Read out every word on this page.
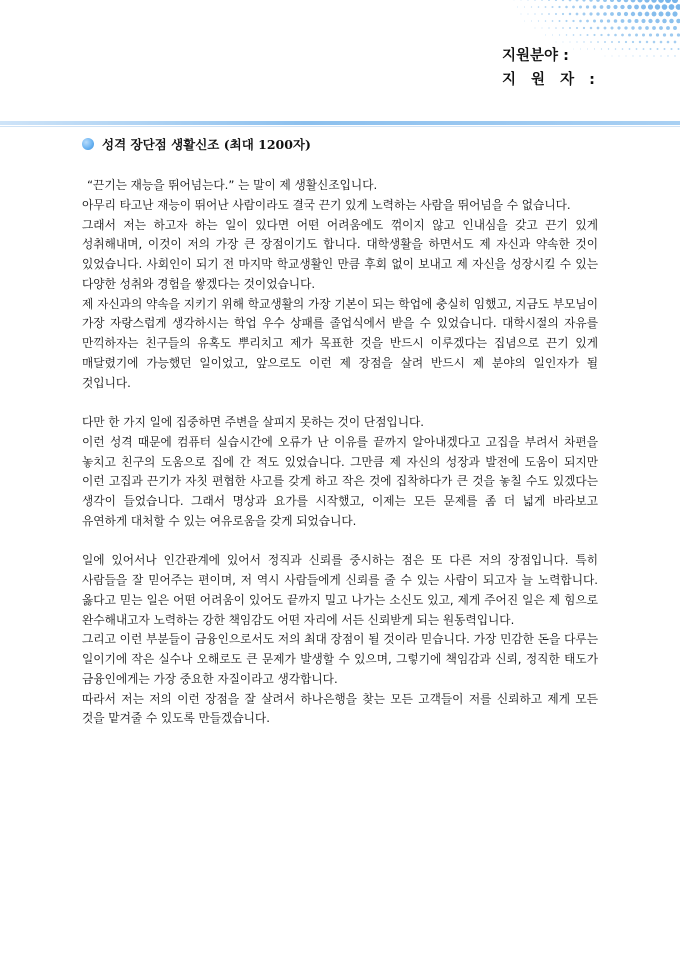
지원분야 :
지 원 자 :
성격 장단점 생활신조 (최대 1200자)

“끈기는 재능을 뛰어넘는다.” 는 말이 제 생활신조입니다.

아무리 타고난 재능이 뛰어난 사람이라도 결국 끈기 있게 노력하는 사람을 뛰어넘을 수 없습니다.

그래서 저는 하고자 하는 일이 있다면 어떤 어려움에도 꺾이지 않고 인내심을 갖고 끈기 있게 성취해내며, 이것이 저의 가장 큰 장점이기도 합니다. 대학생활을 하면서도 제 자신과 약속한 것이 있었습니다. 사회인이 되기 전 마지막 학교생활인 만큼 후회 없이 보내고 제 자신을 성장시킬 수 있는 다양한 성취와 경험을 쌓겠다는 것이었습니다.

제 자신과의 약속을 지키기 위해 학교생활의 가장 기본이 되는 학업에 충실히 임했고, 지금도 부모님이 가장 자랑스럽게 생각하시는 학업 우수 상패를 졸업식에서 받을 수 있었습니다. 대학시절의 자유를 만끽하자는 친구들의 유혹도 뿌리치고 제가 목표한 것을 반드시 이루겠다는 집념으로 끈기 있게 매달렸기에 가능했던 일이었고, 앞으로도 이런 제 장점을 살려 반드시 제 분야의 일인자가 될 것입니다.

다만 한 가지 일에 집중하면 주변을 살피지 못하는 것이 단점입니다.

이런 성격 때문에 컴퓨터 실습시간에 오류가 난 이유를 끝까지 알아내겠다고 고집을 부려서 차편을 놓치고 친구의 도움으로 집에 간 적도 있었습니다. 그만큼 제 자신의 성장과 발전에 도움이 되지만 이런 고집과 끈기가 자칫 편협한 사고를 갖게 하고 작은 것에 집착하다가 큰 것을 놓칠 수도 있겠다는 생각이 들었습니다. 그래서 명상과 요가를 시작했고, 이제는 모든 문제를 좀 더 넓게 바라보고 유연하게 대처할 수 있는 여유로움을 갖게 되었습니다.

일에 있어서나 인간관계에 있어서 정직과 신뢰를 중시하는 점은 또 다른 저의 장점입니다. 특히 사람들을 잘 믿어주는 편이며, 저 역시 사람들에게 신뢰를 줄 수 있는 사람이 되고자 늘 노력합니다. 옳다고 믿는 일은 어떤 어려움이 있어도 끝까지 밀고 나가는 소신도 있고, 제게 주어진 일은 제 힘으로 완수해내고자 노력하는 강한 책임감도 어떤 자리에 서든 신뢰받게 되는 원동력입니다.

그리고 이런 부분들이 금융인으로서도 저의 최대 장점이 될 것이라 믿습니다. 가장 민감한 돈을 다루는 일이기에 작은 실수나 오해로도 큰 문제가 발생할 수 있으며, 그렇기에 책임감과 신뢰, 정직한 태도가 금융인에게는 가장 중요한 자질이라고 생각합니다.

따라서 저는 저의 이런 장점을 잘 살려서 하나은행을 찾는 모든 고객들이 저를 신뢰하고 제게 모든 것을 맡겨줄 수 있도록 만들겠습니다.
